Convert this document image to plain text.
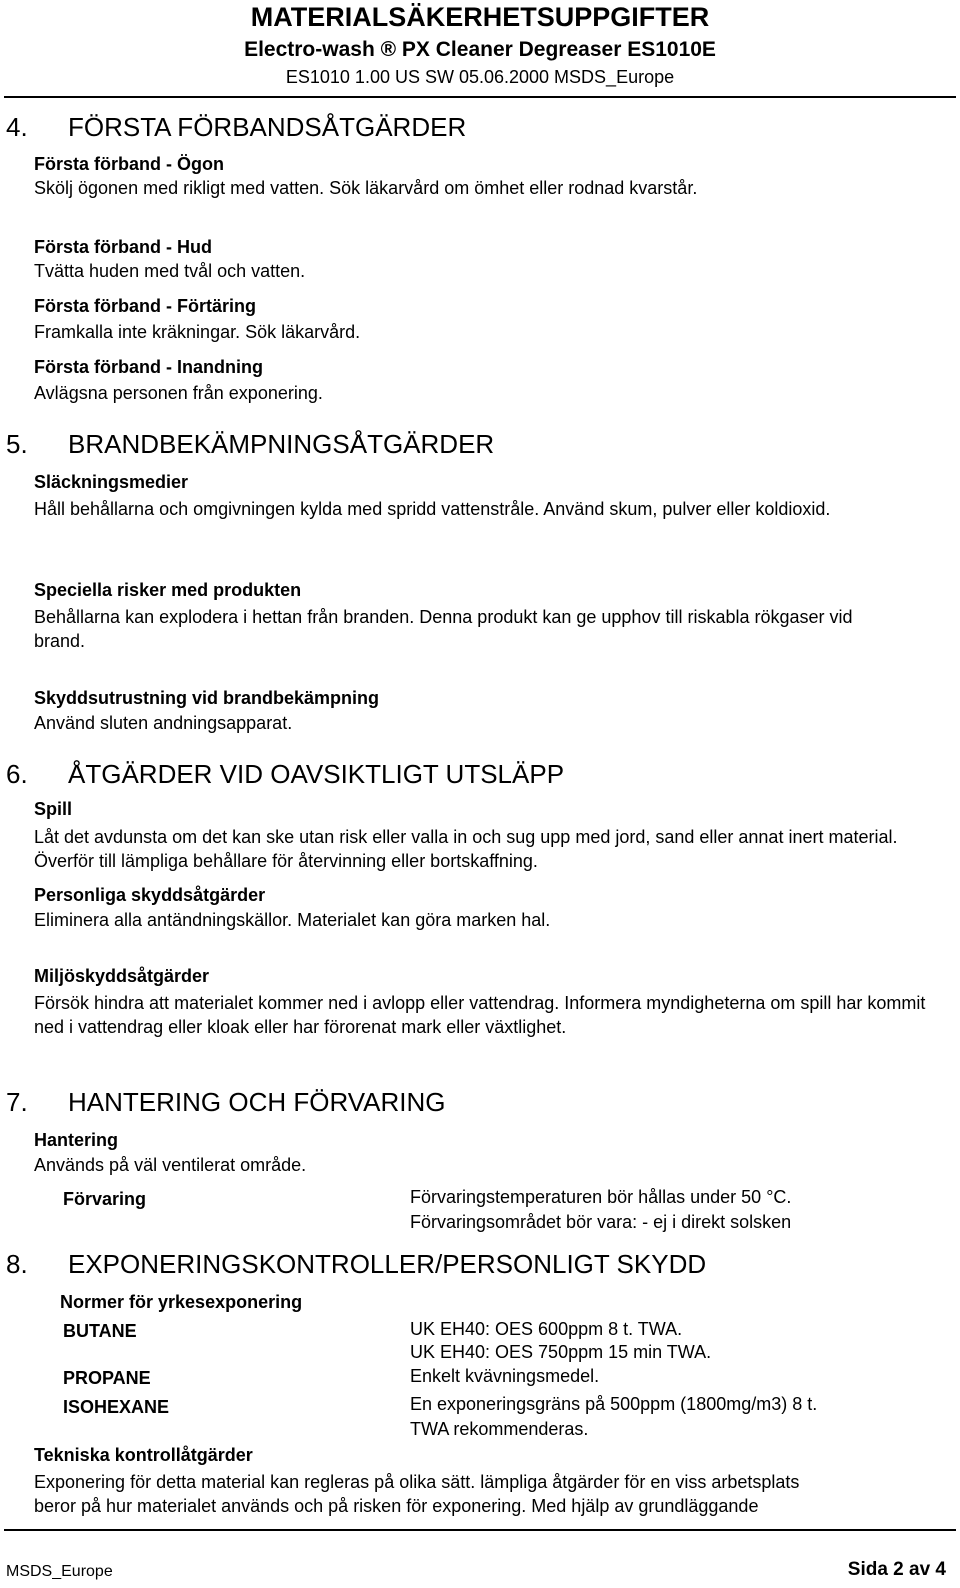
MATERIALSÄKERHETSUPPGIFTER
Electro-wash ® PX Cleaner Degreaser ES1010E
ES1010 1.00 US SW 05.06.2000 MSDS_Europe
4. FÖRSTA FÖRBANDSÅTGÄRDER
Första förband - Ögon
Skölj ögonen med rikligt med vatten. Sök läkarvård om ömhet eller rodnad kvarstår.
Första förband - Hud
Tvätta huden med tvål och vatten.
Första förband - Förtäring
Framkalla inte kräkningar. Sök läkarvård.
Första förband - Inandning
Avlägsna personen från exponering.
5. BRANDBEKÄMPNINGSÅTGÄRDER
Släckningsmedier
Håll behållarna och omgivningen kylda med spridd vattenstråle. Använd skum, pulver eller koldioxid.
Speciella risker med produkten
Behållarna kan explodera i hettan från branden. Denna produkt kan ge upphov till riskabla rökgaser vid brand.
Skyddsutrustning vid brandbekämpning
Använd sluten andningsapparat.
6. ÅTGÄRDER VID OAVSIKTLIGT UTSLÄPP
Spill
Låt det avdunsta om det kan ske utan risk eller valla in och sug upp med jord, sand eller annat inert material. Överför till lämpliga behållare för återvinning eller bortskaffning.
Personliga skyddsåtgärder
Eliminera alla antändningskällor. Materialet kan göra marken hal.
Miljöskyddsåtgärder
Försök hindra att materialet kommer ned i avlopp eller vattendrag. Informera myndigheterna om spill har kommit ned i vattendrag eller kloak eller har förorenat mark eller växtlighet.
7. HANTERING OCH FÖRVARING
Hantering
Används på väl ventilerat område.
Förvaring	Förvaringstemperaturen bör hållas under 50 °C.
Förvaringsområdet bör vara: - ej i direkt solsken
8. EXPONERINGSKONTROLLER/PERSONLIGT SKYDD
Normer för yrkesexponering
BUTANE	UK EH40: OES 600ppm 8 t. TWA.
UK EH40: OES 750ppm 15 min TWA.
PROPANE	Enkelt kvävningsmedel.
ISOHEXANE	En exponeringsgräns på 500ppm (1800mg/m3) 8 t.
TWA rekommenderas.
Tekniska kontrollåtgärder
Exponering för detta material kan regleras på olika sätt. lämpliga åtgärder för en viss arbetsplats
beror på hur materialet används och på risken för exponering. Med hjälp av grundläggande
MSDS_Europe	Sida 2 av 4
